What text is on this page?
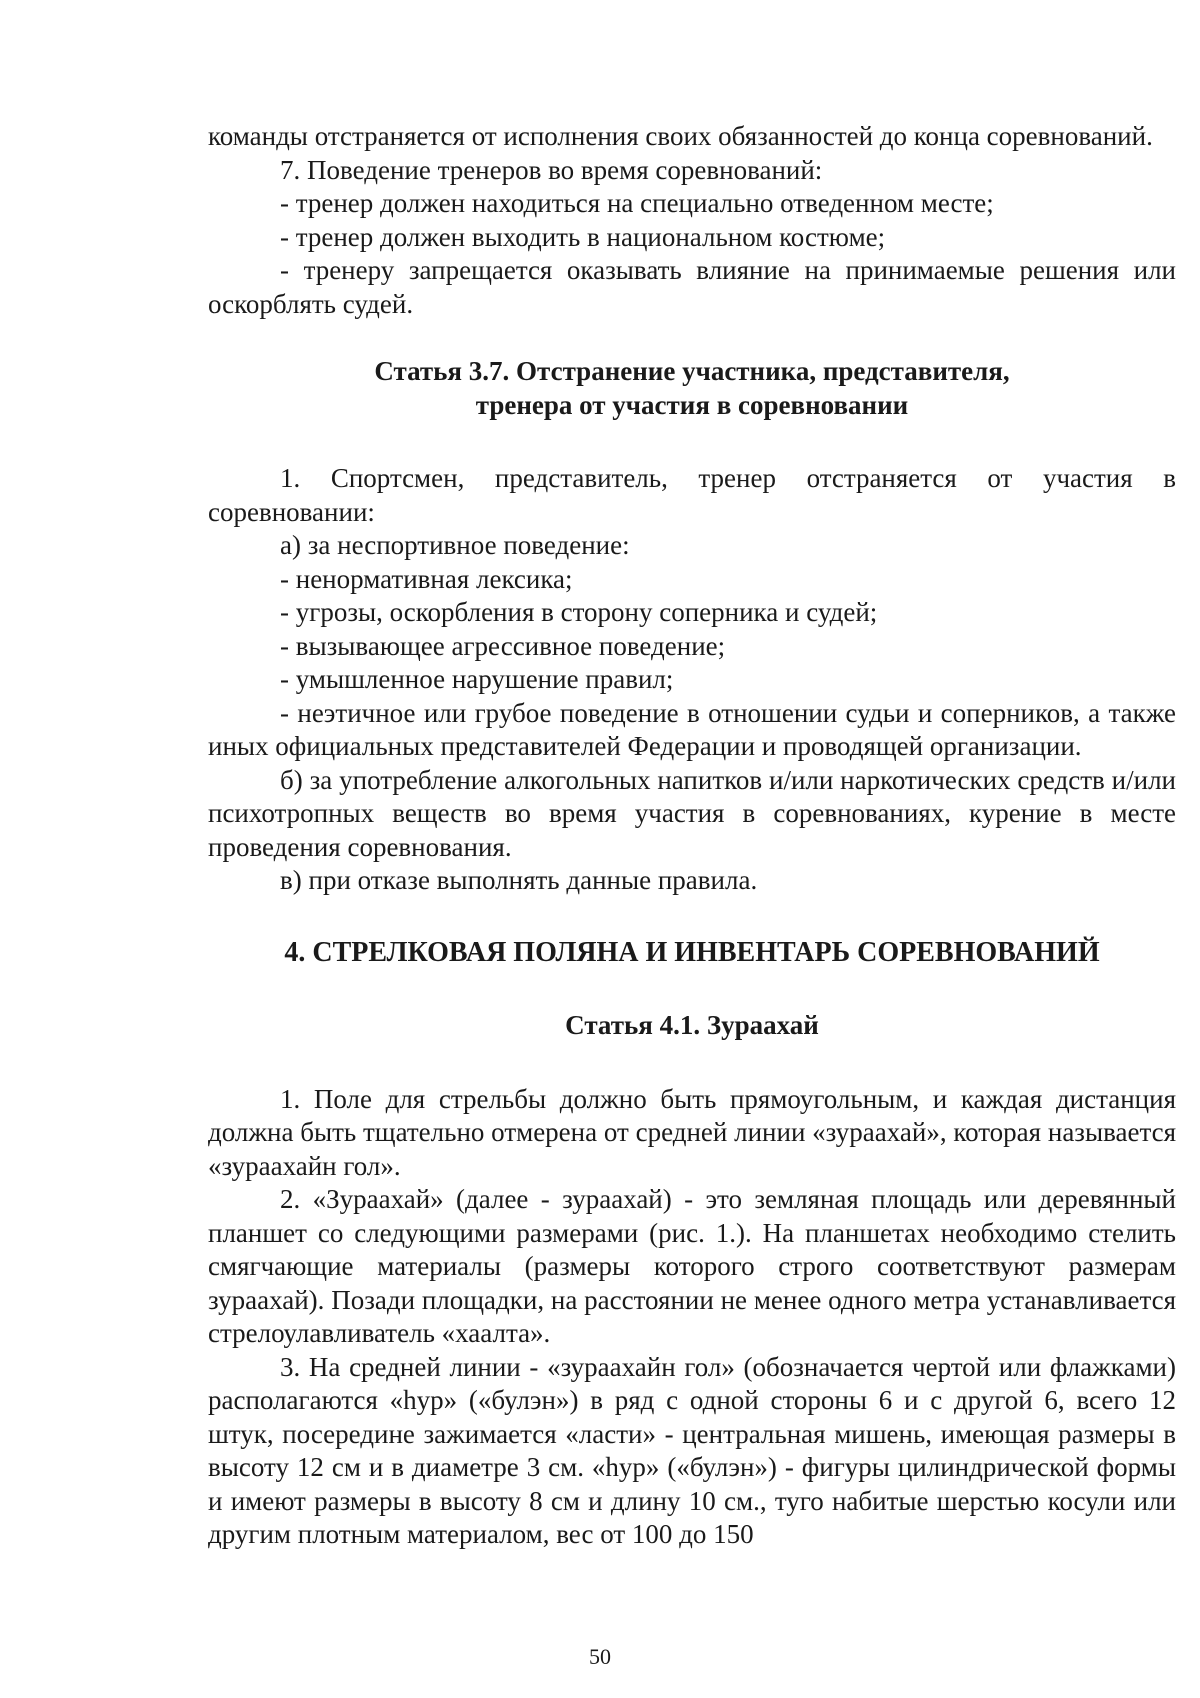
команды отстраняется от исполнения своих обязанностей до конца соревнований.

7. Поведение тренеров во время соревнований:

- тренер должен находиться на специально отведенном месте;

- тренер должен выходить в национальном костюме;

- тренеру запрещается оказывать влияние на принимаемые решения или оскорблять судей.

Статья 3.7. Отстранение участника, представителя,
тренера от участия в соревновании

1. Спортсмен, представитель, тренер отстраняется от участия в соревновании:

а) за неспортивное поведение:

- ненормативная лексика;

- угрозы, оскорбления в сторону соперника и судей;

- вызывающее агрессивное поведение;

- умышленное нарушение правил;

- неэтичное или грубое поведение в отношении судьи и соперников, а также иных официальных представителей Федерации и проводящей организации.

б) за употребление алкогольных напитков и/или наркотических средств и/или психотропных веществ во время участия в соревнованиях, курение в месте проведения соревнования.

в) при отказе выполнять данные правила.

4. СТРЕЛКОВАЯ ПОЛЯНА И ИНВЕНТАРЬ СОРЕВНОВАНИЙ
Статья 4.1. Зураахай

1. Поле для стрельбы должно быть прямоугольным, и каждая дистанция должна быть тщательно отмерена от средней линии «зураахай», которая называется «зураахайн гол».

2. «Зураахай» (далее - зураахай) - это земляная площадь или деревянный планшет со следующими размерами (рис. 1.). На планшетах необходимо стелить смягчающие материалы (размеры которого строго соответствуют размерам зураахай). Позади площадки, на расстоянии не менее одного метра устанавливается стрелоулавливатель «хаалта».

3. На средней линии - «зураахайн гол» (обозначается чертой или флажками) располагаются «һур» («булэн») в ряд с одной стороны 6 и с другой 6, всего 12 штук, посередине зажимается «ласти» - центральная мишень, имеющая размеры в высоту 12 см и в диаметре 3 см. «һур» («булэн») - фигуры цилиндрической формы и имеют размеры в высоту 8 см и длину 10 см., туго набитые шерстью косули или другим плотным материалом, вес от 100 до 150

50
